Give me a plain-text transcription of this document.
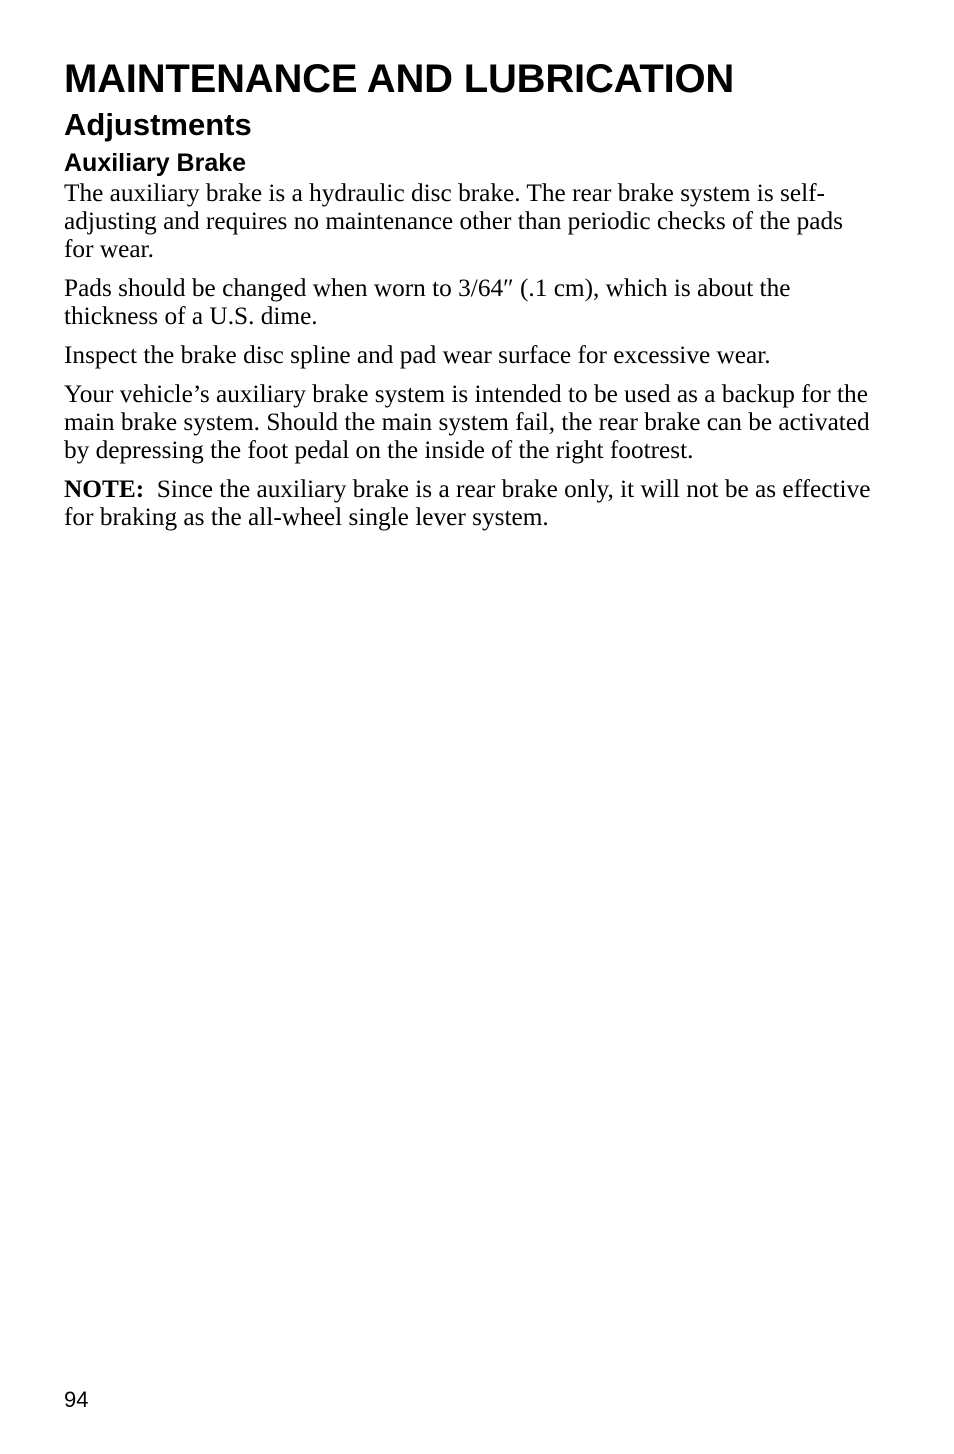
MAINTENANCE AND LUBRICATION
Adjustments
Auxiliary Brake

The auxiliary brake is a hydraulic disc brake. The rear brake system is self-adjusting and requires no maintenance other than periodic checks of the pads for wear.

Pads should be changed when worn to 3/64″ (.1 cm), which is about the thickness of a U.S. dime.

Inspect the brake disc spline and pad wear surface for excessive wear.

Your vehicle’s auxiliary brake system is intended to be used as a backup for the main brake system. Should the main system fail, the rear brake can be activated by depressing the foot pedal on the inside of the right footrest.

NOTE: Since the auxiliary brake is a rear brake only, it will not be as effective for braking as the all-wheel single lever system.

94
